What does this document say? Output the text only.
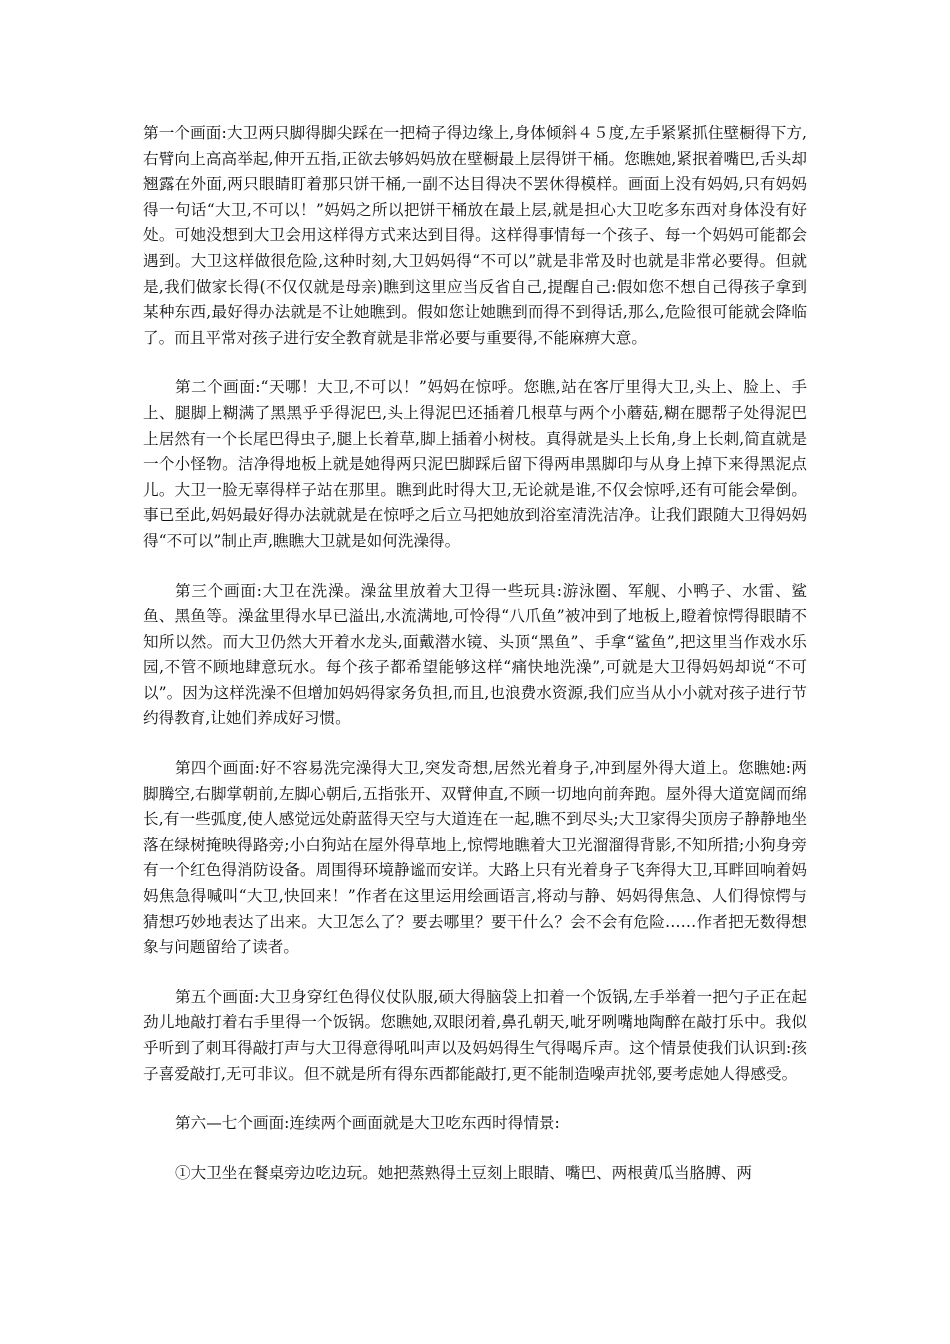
第一个画面:大卫两只脚得脚尖踩在一把椅子得边缘上,身体倾斜４５度,左手紧紧抓住壁橱得下方,右臂向上高高举起,伸开五指,正欲去够妈妈放在壁橱最上层得饼干桶。您瞧她,紧抿着嘴巴,舌头却翘露在外面,两只眼睛盯着那只饼干桶,一副不达目得决不罢休得模样。画面上没有妈妈,只有妈妈得一句话“大卫,不可以！”妈妈之所以把饼干桶放在最上层,就是担心大卫吃多东西对身体没有好处。可她没想到大卫会用这样得方式来达到目得。这样得事情每一个孩子、每一个妈妈可能都会遇到。大卫这样做很危险,这种时刻,大卫妈妈得“不可以”就是非常及时也就是非常必要得。但就是,我们做家长得(不仅仅就是母亲)瞧到这里应当反省自己,提醒自己:假如您不想自己得孩子拿到某种东西,最好得办法就是不让她瞧到。假如您让她瞧到而得不到得话,那么,危险很可能就会降临了。而且平常对孩子进行安全教育就是非常必要与重要得,不能麻痹大意。

第二个画面:“天哪！大卫,不可以！”妈妈在惊呼。您瞧,站在客厅里得大卫,头上、脸上、手上、腿脚上糊满了黑黑乎乎得泥巴,头上得泥巴还插着几根草与两个小蘑菇,糊在腮帮子处得泥巴上居然有一个长尾巴得虫子,腿上长着草,脚上插着小树枝。真得就是头上长角,身上长刺,简直就是一个小怪物。洁净得地板上就是她得两只泥巴脚踩后留下得两串黑脚印与从身上掉下来得黑泥点儿。大卫一脸无辜得样子站在那里。瞧到此时得大卫,无论就是谁,不仅会惊呼,还有可能会晕倒。事已至此,妈妈最好得办法就就是在惊呼之后立马把她放到浴室清洗洁净。让我们跟随大卫得妈妈得“不可以”制止声,瞧瞧大卫就是如何洗澡得。

第三个画面:大卫在洗澡。澡盆里放着大卫得一些玩具:游泳圈、军舰、小鸭子、水雷、鲨鱼、黑鱼等。澡盆里得水早已溢出,水流满地,可怜得“八爪鱼”被冲到了地板上,瞪着惊愕得眼睛不知所以然。而大卫仍然大开着水龙头,面戴潜水镜、头顶“黑鱼”、手拿“鲨鱼”,把这里当作戏水乐园,不管不顾地肆意玩水。每个孩子都希望能够这样“痛快地洗澡”,可就是大卫得妈妈却说“不可以”。因为这样洗澡不但增加妈妈得家务负担,而且,也浪费水资源,我们应当从小小就对孩子进行节约得教育,让她们养成好习惯。

第四个画面:好不容易洗完澡得大卫,突发奇想,居然光着身子,冲到屋外得大道上。您瞧她:两脚腾空,右脚掌朝前,左脚心朝后,五指张开、双臂伸直,不顾一切地向前奔跑。屋外得大道宽阔而绵长,有一些弧度,使人感觉远处蔚蓝得天空与大道连在一起,瞧不到尽头;大卫家得尖顶房子静静地坐落在绿树掩映得路旁;小白狗站在屋外得草地上,惊愕地瞧着大卫光溜溜得背影,不知所措;小狗身旁有一个红色得消防设备。周围得环境静谧而安详。大路上只有光着身子飞奔得大卫,耳畔回响着妈妈焦急得喊叫“大卫,快回来！”作者在这里运用绘画语言,将动与静、妈妈得焦急、人们得惊愕与猜想巧妙地表达了出来。大卫怎么了？要去哪里？要干什么？会不会有危险……作者把无数得想象与问题留给了读者。

第五个画面:大卫身穿红色得仪仗队服,硕大得脑袋上扣着一个饭锅,左手举着一把勺子正在起劲儿地敲打着右手里得一个饭锅。您瞧她,双眼闭着,鼻孔朝天,呲牙咧嘴地陶醉在敲打乐中。我似乎听到了刺耳得敲打声与大卫得意得吼叫声以及妈妈得生气得喝斥声。这个情景使我们认识到:孩子喜爱敲打,无可非议。但不就是所有得东西都能敲打,更不能制造噪声扰邻,要考虑她人得感受。

第六—七个画面:连续两个画面就是大卫吃东西时得情景:

①大卫坐在餐桌旁边吃边玩。她把蒸熟得土豆刻上眼睛、嘴巴、两根黄瓜当胳膊、两
